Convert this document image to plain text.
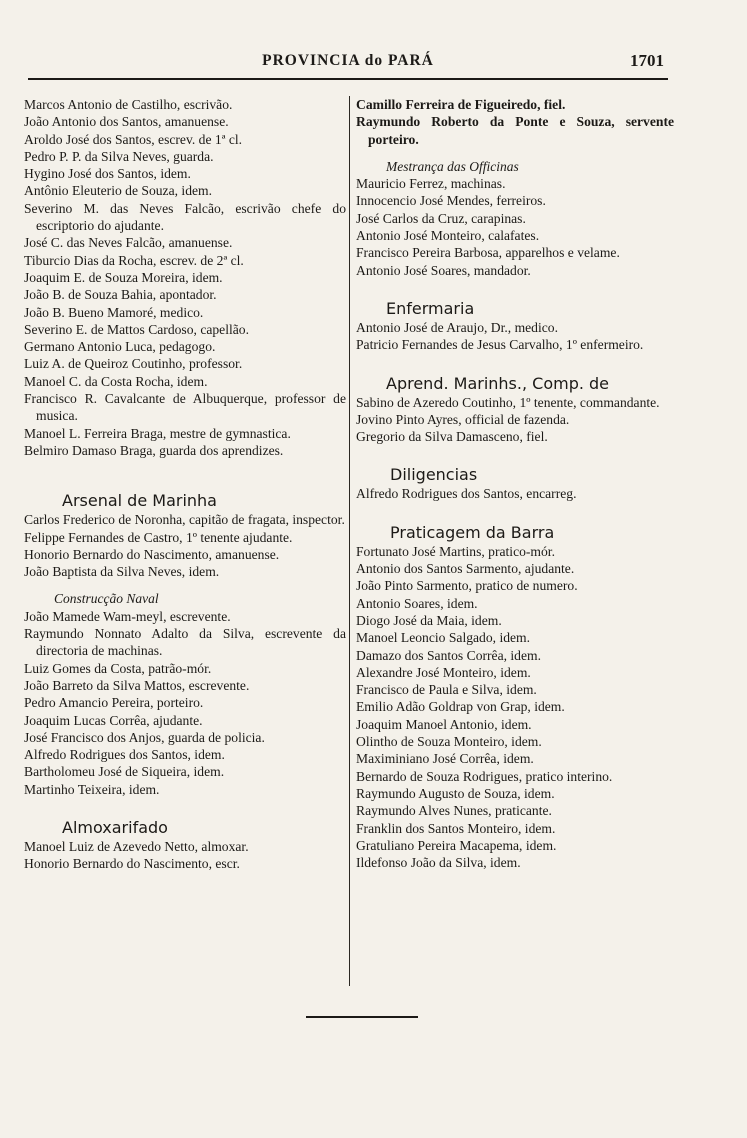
PROVINCIA do PARÁ	1701

Marcos Antonio de Castilho, escrivão.

João Antonio dos Santos, amanuense.

Aroldo José dos Santos, escrev. de 1ª cl.

Pedro P. P. da Silva Neves, guarda.

Hygino José dos Santos, idem.

Antônio Eleuterio de Souza, idem.

Severino M. das Neves Falcão, escrivão chefe do escriptorio do ajudante.

José C. das Neves Falcão, amanuense.

Tiburcio Dias da Rocha, escrev. de 2ª cl.

Joaquim E. de Souza Moreira, idem.

João B. de Souza Bahia, apontador.

João B. Bueno Mamoré, medico.

Severino E. de Mattos Cardoso, capellão.

Germano Antonio Luca, pedagogo.

Luiz A. de Queiroz Coutinho, professor.

Manoel C. da Costa Rocha, idem.

Francisco R. Cavalcante de Albuquerque, professor de musica.

Manoel L. Ferreira Braga, mestre de gymnastica.

Belmiro Damaso Braga, guarda dos aprendizes.

Arsenal de Marinha

Carlos Frederico de Noronha, capitão de fragata, inspector.

Felippe Fernandes de Castro, 1º tenente ajudante.

Honorio Bernardo do Nascimento, amanuense.

João Baptista da Silva Neves, idem.

Construcção Naval

João Mamede Wam-meyl, escrevente.

Raymundo Nonnato Adalto da Silva, escrevente da directoria de machinas.

Luiz Gomes da Costa, patrão-mór.

João Barreto da Silva Mattos, escrevente.

Pedro Amancio Pereira, porteiro.

Joaquim Lucas Corrêa, ajudante.

José Francisco dos Anjos, guarda de policia.

Alfredo Rodrigues dos Santos, idem.

Bartholomeu José de Siqueira, idem.

Martinho Teixeira, idem.

Almoxarifado

Manoel Luiz de Azevedo Netto, almoxar.

Honorio Bernardo do Nascimento, escr.

Camillo Ferreira de Figueiredo, fiel.

Raymundo Roberto da Ponte e Souza, servente porteiro.

Mestrança das Officinas

Mauricio Ferrez, machinas.

Innocencio José Mendes, ferreiros.

José Carlos da Cruz, carapinas.

Antonio José Monteiro, calafates.

Francisco Pereira Barbosa, apparelhos e velame.

Antonio José Soares, mandador.

Enfermaria

Antonio José de Araujo, Dr., medico.

Patricio Fernandes de Jesus Carvalho, 1º enfermeiro.

Aprend. Marinhs., Comp. de

Sabino de Azeredo Coutinho, 1º tenente, commandante.

Jovino Pinto Ayres, official de fazenda.

Gregorio da Silva Damasceno, fiel.

Diligencias

Alfredo Rodrigues dos Santos, encarreg.

Praticagem da Barra

Fortunato José Martins, pratico-mór.

Antonio dos Santos Sarmento, ajudante.

João Pinto Sarmento, pratico de numero.

Antonio Soares, idem.

Diogo José da Maia, idem.

Manoel Leoncio Salgado, idem.

Damazo dos Santos Corrêa, idem.

Alexandre José Monteiro, idem.

Francisco de Paula e Silva, idem.

Emilio Adão Goldrap von Grap, idem.

Joaquim Manoel Antonio, idem.

Olintho de Souza Monteiro, idem.

Maximiniano José Corrêa, idem.

Bernardo de Souza Rodrigues, pratico interino.

Raymundo Augusto de Souza, idem.

Raymundo Alves Nunes, praticante.

Franklin dos Santos Monteiro, idem.

Gratuliano Pereira Macapema, idem.

Ildefonso João da Silva, idem.
